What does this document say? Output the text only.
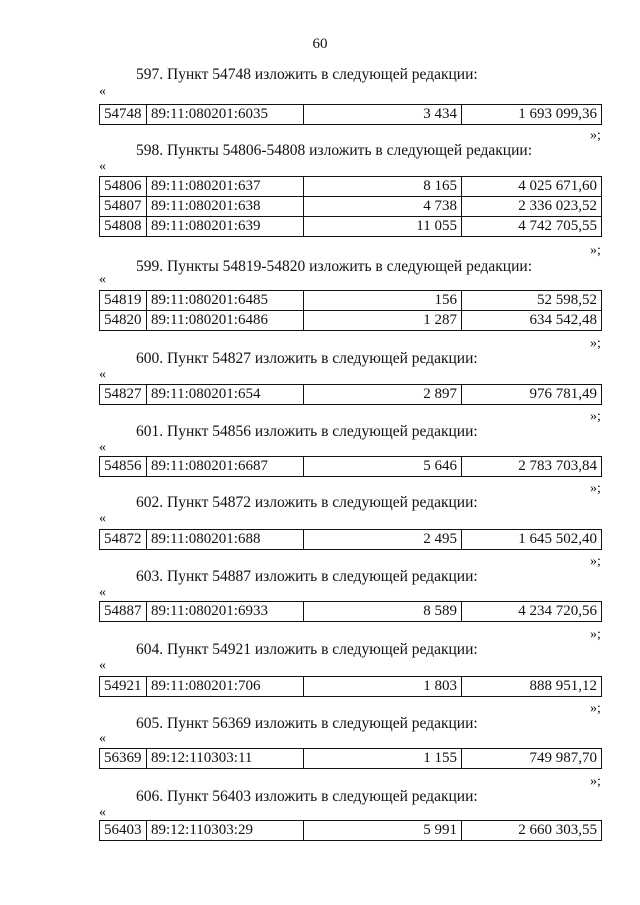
60
597. Пункт 54748 изложить в следующей редакции:
«
54748	89:11:080201:6035	3 434	1 693 099,36
»;
598. Пункты 54806-54808 изложить в следующей редакции:
«
54806	89:11:080201:637	8 165	4 025 671,60
54807	89:11:080201:638	4 738	2 336 023,52
54808	89:11:080201:639	11 055	4 742 705,55
»;
599. Пункты 54819-54820 изложить в следующей редакции:
«
54819	89:11:080201:6485	156	52 598,52
54820	89:11:080201:6486	1 287	634 542,48
»;
600. Пункт 54827 изложить в следующей редакции:
«
54827	89:11:080201:654	2 897	976 781,49
»;
601. Пункт 54856 изложить в следующей редакции:
«
54856	89:11:080201:6687	5 646	2 783 703,84
»;
602. Пункт 54872 изложить в следующей редакции:
«
54872	89:11:080201:688	2 495	1 645 502,40
»;
603. Пункт 54887 изложить в следующей редакции:
«
54887	89:11:080201:6933	8 589	4 234 720,56
»;
604. Пункт 54921 изложить в следующей редакции:
«
54921	89:11:080201:706	1 803	888 951,12
»;
605. Пункт 56369 изложить в следующей редакции:
«
56369	89:12:110303:11	1 155	749 987,70
»;
606. Пункт 56403 изложить в следующей редакции:
«
56403	89:12:110303:29	5 991	2 660 303,55
